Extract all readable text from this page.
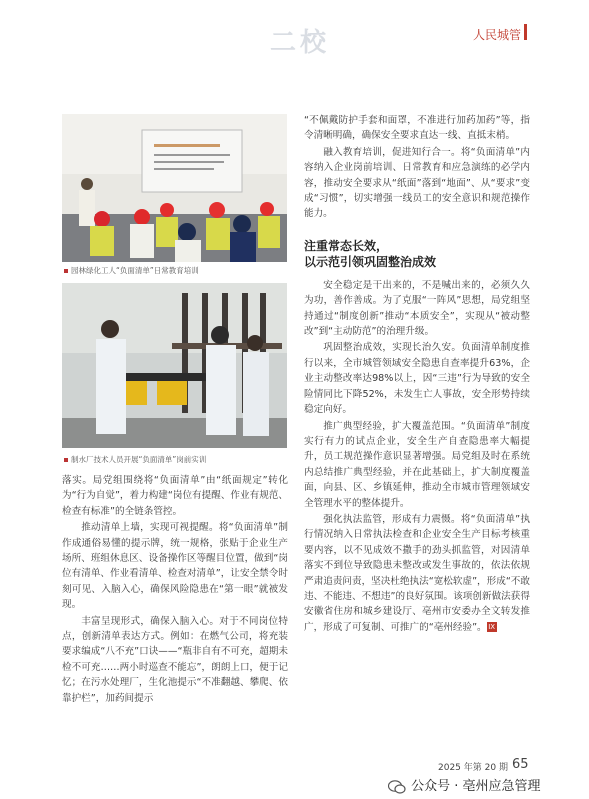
二校	人民城管
园林绿化工人“负面清单”日常教育培训
制水厂技术人员开展“负面清单”岗前实训

落实。局党组围绕将“负面清单”由“纸面规定”转化为“行为自觉”，着力构建“岗位有提醒、作业有规范、检查有标准”的全链条管控。

推动清单上墙，实现可视提醒。将“负面清单”制作成通俗易懂的提示牌，统一规格，张贴于企业生产场所、班组休息区、设备操作区等醒目位置，做到“岗位有清单、作业看清单、检查对清单”，让安全禁令时刻可见、入脑入心，确保风险隐患在“第一眼”就被发现。

丰富呈现形式，确保入脑入心。对于不同岗位特点，创新清单表达方式。例如：在燃气公司，将充装要求编成“八不充”口诀——“瓶非自有不可充，超期未检不可充……两小时巡查不能忘”，朗朗上口，便于记忆；在污水处理厂，生化池提示“不准翻越、攀爬、依靠护栏”，加药间提示

“不佩戴防护手套和面罩，不准进行加药加药”等，指令清晰明确，确保安全要求直达一线、直抵末梢。

融入教育培训，促进知行合一。将“负面清单”内容纳入企业岗前培训、日常教育和应急演练的必学内容，推动安全要求从“纸面”落到“地面”、从“要求”变成“习惯”，切实增强一线员工的安全意识和规范操作能力。

注重常态长效，
以示范引领巩固整治成效

安全稳定是干出来的，不是喊出来的，必须久久为功，善作善成。为了克服“一阵风”思想，局党组坚持通过“制度创新”推动“本质安全”，实现从“被动整改”到“主动防范”的治理升级。

巩固整治成效，实现长治久安。负面清单制度推行以来，全市城管领域安全隐患自查率提升63%，企业主动整改率达98%以上，因“三违”行为导致的安全险情同比下降52%，未发生亡人事故，安全形势持续稳定向好。

推广典型经验，扩大覆盖范围。“负面清单”制度实行有力的试点企业，安全生产自查隐患率大幅提升，员工规范操作意识显著增强。局党组及时在系统内总结推广典型经验，并在此基础上，扩大制度覆盖面，向县、区、乡镇延伸，推动全市城市管理领域安全管理水平的整体提升。

强化执法监管，形成有力震慑。将“负面清单”执行情况纳入日常执法检查和企业安全生产目标考核重要内容，以不见成效不撒手的劲头抓监管，对因清单落实不到位导致隐患未整改或发生事故的，依法依规严肃追责问责，坚决杜绝执法“宽松软虚”，形成“不敢违、不能违、不想违”的良好氛围。该项创新做法获得安徽省住房和城乡建设厅、亳州市安委办全文转发推广，形成了可复制、可推广的“亳州经验”。 IX

2025 年第 20 期 65
公众号 · 亳州应急管理
